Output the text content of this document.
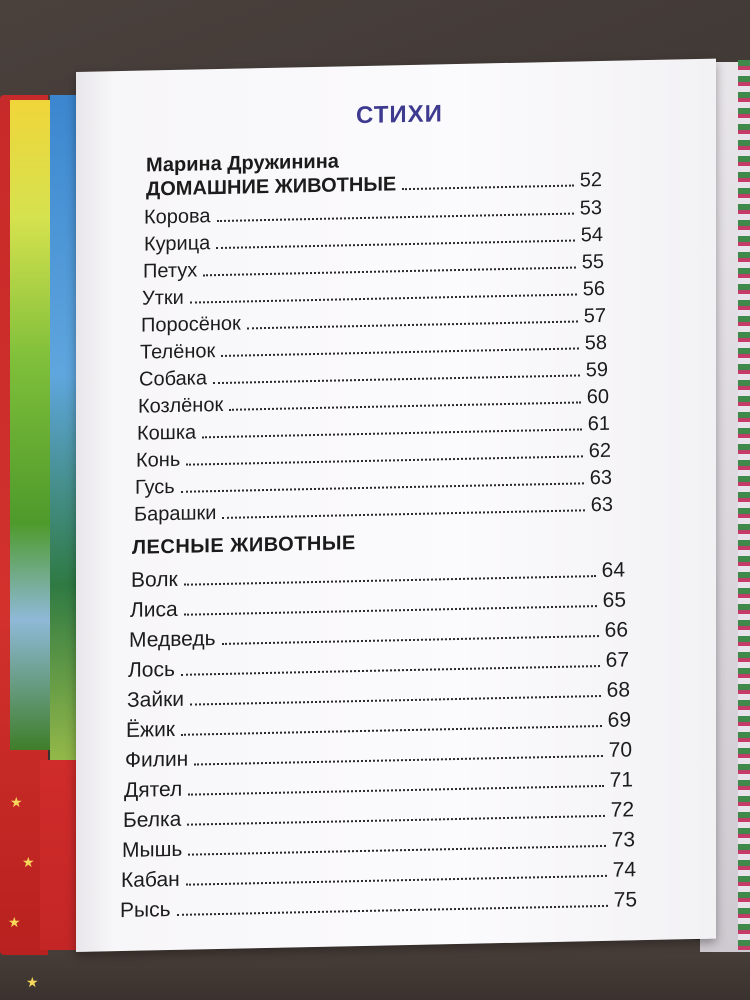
★
★
★
★
СТИХИ
Марина Дружинина
ДОМАШНИЕ ЖИВОТНЫЕ	52
Корова	53
Курица	54
Петух	55
Утки	56
Поросёнок	57
Телёнок	58
Собака	59
Козлёнок	60
Кошка	61
Конь	62
Гусь	63
Барашки	63
ЛЕСНЫЕ ЖИВОТНЫЕ
Волк	64
Лиса	65
Медведь	66
Лось	67
Зайки	68
Ёжик	69
Филин	70
Дятел	71
Белка	72
Мышь	73
Кабан	74
Рысь	75
